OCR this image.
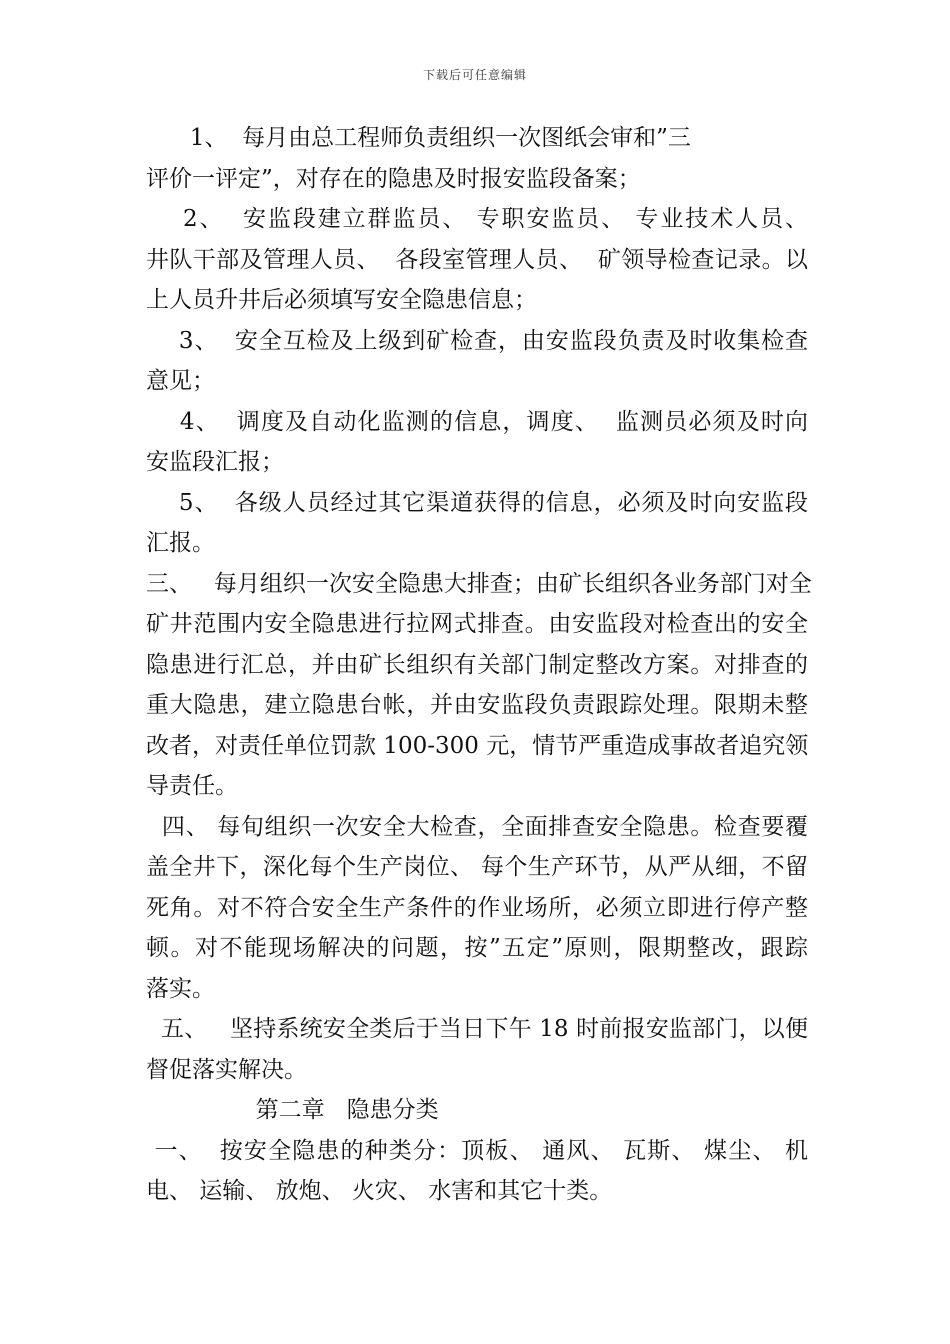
下载后可任意编辑
1、  每月由总工程师负责组织一次图纸会审和”三
评价一评定”，对存在的隐患及时报安监段备案；
2、  安监段建立群监员、 专职安监员、 专业技术人员、
井队干部及管理人员、  各段室管理人员、  矿领导检查记录。以
上人员升井后必须填写安全隐患信息；
3、  安全互检及上级到矿检查，由安监段负责及时收集检查
意见；
4、  调度及自动化监测的信息，调度、  监测员必须及时向
安监段汇报；
5、  各级人员经过其它渠道获得的信息，必须及时向安监段
汇报。
三、   每月组织一次安全隐患大排查；由矿长组织各业务部门对全
矿井范围内安全隐患进行拉网式排查。由安监段对检查出的安全
隐患进行汇总，并由矿长组织有关部门制定整改方案。对排查的
重大隐患，建立隐患台帐，并由安监段负责跟踪处理。限期未整
改者，对责任单位罚款 100-300 元，情节严重造成事故者追究领
导责任。
四、 每旬组织一次安全大检查，全面排查安全隐患。检查要覆
盖全井下，深化每个生产岗位、 每个生产环节，从严从细，不留
死角。对不符合安全生产条件的作业场所，必须立即进行停产整
顿。对不能现场解决的问题，按”五定”原则，限期整改，跟踪
落实。
五、   坚持系统安全类后于当日下午 18 时前报安监部门，以便
督促落实解决。
第二章   隐患分类
一、  按安全隐患的种类分：顶板、 通风、 瓦斯、 煤尘、 机
电、 运输、 放炮、 火灾、 水害和其它十类。
